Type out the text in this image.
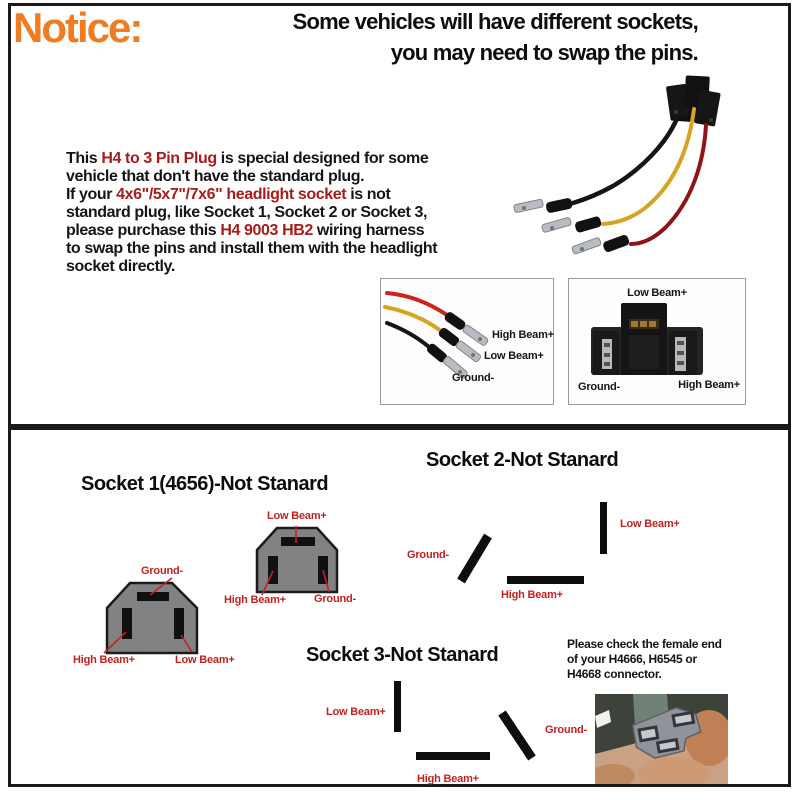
Notice:	Some vehicles will have different sockets,
you may need to swap the pins.
This H4 to 3 Pin Plug is special designed for some
vehicle that don't have the standard plug.
If your 4x6"/5x7"/7x6" headlight socket is not
standard plug, like Socket 1, Socket 2 or Socket 3,
please purchase this H4 9003 HB2 wiring harness
to swap the pins and install them with the headlight
socket directly.
High Beam+
Low Beam+
Ground-
Low Beam+
Ground-	High Beam+
Socket 1(4656)-Not Stanard
Socket 2-Not Stanard
Socket 3-Not Stanard
Low Beam+
High Beam+	Ground-
Ground-
High Beam+	Low Beam+
Ground-
Low Beam+
High Beam+
Low Beam+
Ground-
High Beam+
Please check the female end
of your H4666, H6545 or
H4668 connector.
